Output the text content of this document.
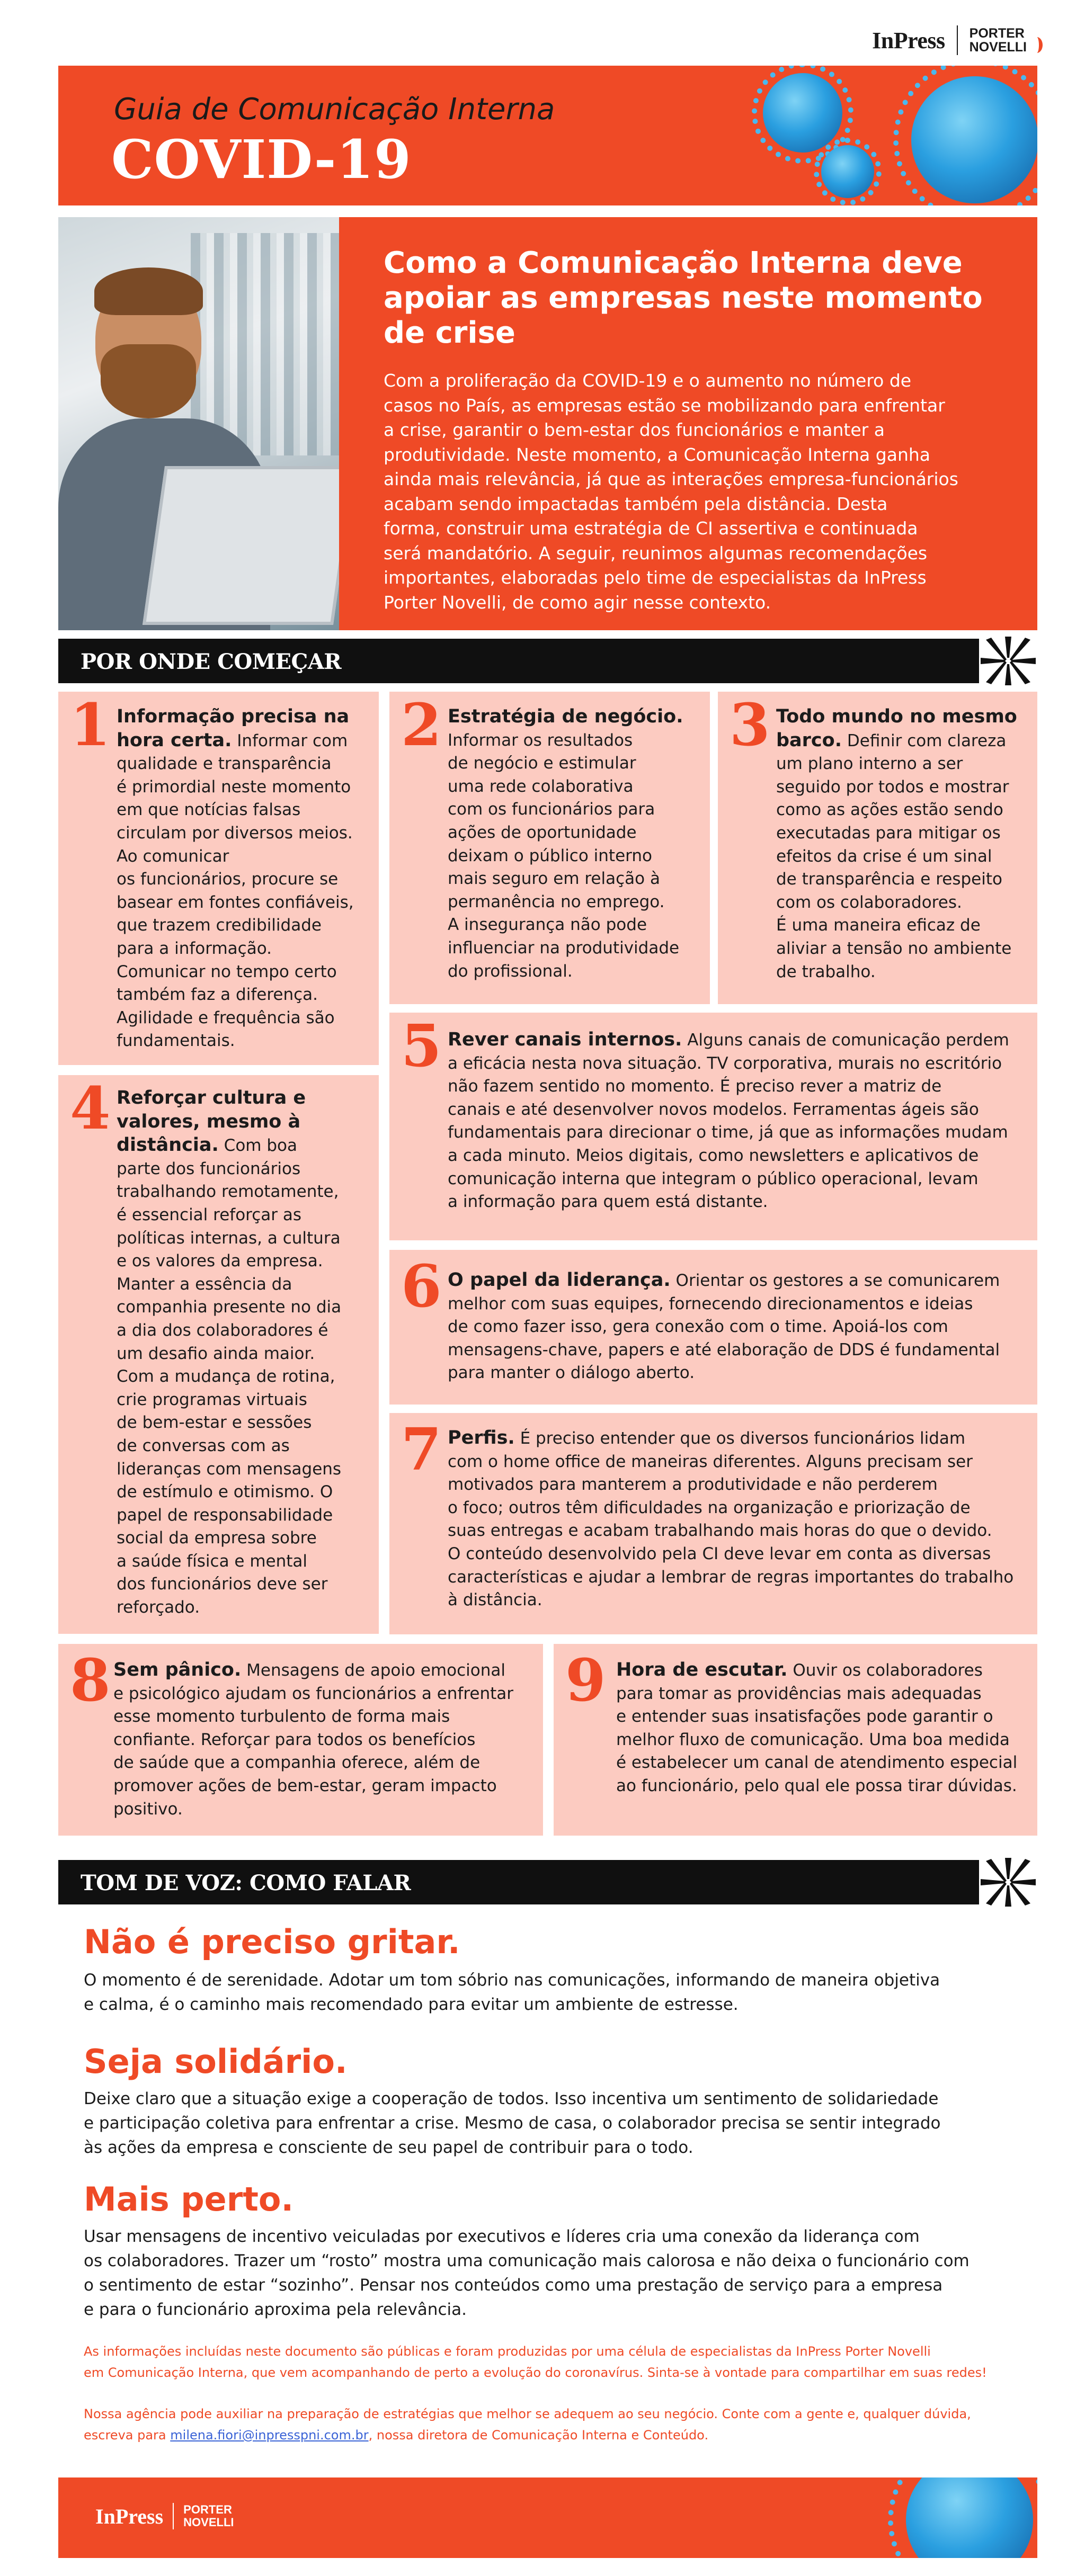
InPress PORTER
NOVELLI
Guia de Comunicação Interna
COVID-19
Como a Comunicação Interna deve apoiar as empresas neste momento de crise
Com a proliferação da COVID-19 e o aumento no número de
casos no País, as empresas estão se mobilizando para enfrentar
a crise, garantir o bem-estar dos funcionários e manter a
produtividade. Neste momento, a Comunicação Interna ganha
ainda mais relevância, já que as interações empresa-funcionários
acabam sendo impactadas também pela distância. Desta
forma, construir uma estratégia de CI assertiva e continuada
será mandatório. A seguir, reunimos algumas recomendações
importantes, elaboradas pelo time de especialistas da InPress
Porter Novelli, de como agir nesse contexto.
POR ONDE COMEÇAR
1 Informação precisa na
hora certa. Informar com
qualidade e transparência
é primordial neste momento
em que notícias falsas
circulam por diversos meios.
Ao comunicar
os funcionários, procure se
basear em fontes confiáveis,
que trazem credibilidade
para a informação.
Comunicar no tempo certo
também faz a diferença.
Agilidade e frequência são
fundamentais.
2 Estratégia de negócio.
Informar os resultados
de negócio e estimular
uma rede colaborativa
com os funcionários para
ações de oportunidade
deixam o público interno
mais seguro em relação à
permanência no emprego.
A insegurança não pode
influenciar na produtividade
do profissional.
3 Todo mundo no mesmo
barco. Definir com clareza
um plano interno a ser
seguido por todos e mostrar
como as ações estão sendo
executadas para mitigar os
efeitos da crise é um sinal
de transparência e respeito
com os colaboradores.
É uma maneira eficaz de
aliviar a tensão no ambiente
de trabalho.
4 Reforçar cultura e
valores, mesmo à
distância. Com boa
parte dos funcionários
trabalhando remotamente,
é essencial reforçar as
políticas internas, a cultura
e os valores da empresa.
Manter a essência da
companhia presente no dia
a dia dos colaboradores é
um desafio ainda maior.
Com a mudança de rotina,
crie programas virtuais
de bem-estar e sessões
de conversas com as
lideranças com mensagens
de estímulo e otimismo. O
papel de responsabilidade
social da empresa sobre
a saúde física e mental
dos funcionários deve ser
reforçado.
5 Rever canais internos. Alguns canais de comunicação perdem
a eficácia nesta nova situação. TV corporativa, murais no escritório
não fazem sentido no momento. É preciso rever a matriz de
canais e até desenvolver novos modelos. Ferramentas ágeis são
fundamentais para direcionar o time, já que as informações mudam
a cada minuto. Meios digitais, como newsletters e aplicativos de
comunicação interna que integram o público operacional, levam
a informação para quem está distante.
6 O papel da liderança. Orientar os gestores a se comunicarem
melhor com suas equipes, fornecendo direcionamentos e ideias
de como fazer isso, gera conexão com o time. Apoiá-los com
mensagens-chave, papers e até elaboração de DDS é fundamental
para manter o diálogo aberto.
7 Perfis. É preciso entender que os diversos funcionários lidam
com o home office de maneiras diferentes. Alguns precisam ser
motivados para manterem a produtividade e não perderem
o foco; outros têm dificuldades na organização e priorização de
suas entregas e acabam trabalhando mais horas do que o devido.
O conteúdo desenvolvido pela CI deve levar em conta as diversas
características e ajudar a lembrar de regras importantes do trabalho
à distância.
8 Sem pânico. Mensagens de apoio emocional
e psicológico ajudam os funcionários a enfrentar
esse momento turbulento de forma mais
confiante. Reforçar para todos os benefícios
de saúde que a companhia oferece, além de
promover ações de bem-estar, geram impacto
positivo.
9 Hora de escutar. Ouvir os colaboradores
para tomar as providências mais adequadas
e entender suas insatisfações pode garantir o
melhor fluxo de comunicação. Uma boa medida
é estabelecer um canal de atendimento especial
ao funcionário, pelo qual ele possa tirar dúvidas.
TOM DE VOZ: COMO FALAR
Não é preciso gritar.
O momento é de serenidade. Adotar um tom sóbrio nas comunicações, informando de maneira objetiva
e calma, é o caminho mais recomendado para evitar um ambiente de estresse.
Seja solidário.
Deixe claro que a situação exige a cooperação de todos. Isso incentiva um sentimento de solidariedade
e participação coletiva para enfrentar a crise. Mesmo de casa, o colaborador precisa se sentir integrado
às ações da empresa e consciente de seu papel de contribuir para o todo.
Mais perto.
Usar mensagens de incentivo veiculadas por executivos e líderes cria uma conexão da liderança com
os colaboradores. Trazer um “rosto” mostra uma comunicação mais calorosa e não deixa o funcionário com
o sentimento de estar “sozinho”. Pensar nos conteúdos como uma prestação de serviço para a empresa
e para o funcionário aproxima pela relevância.
As informações incluídas neste documento são públicas e foram produzidas por uma célula de especialistas da InPress Porter Novelli
em Comunicação Interna, que vem acompanhando de perto a evolução do coronavírus. Sinta-se à vontade para compartilhar em suas redes!
Nossa agência pode auxiliar na preparação de estratégias que melhor se adequem ao seu negócio. Conte com a gente e, qualquer dúvida,
escreva para milena.fiori@inpresspni.com.br, nossa diretora de Comunicação Interna e Conteúdo.
InPress PORTER
NOVELLI
